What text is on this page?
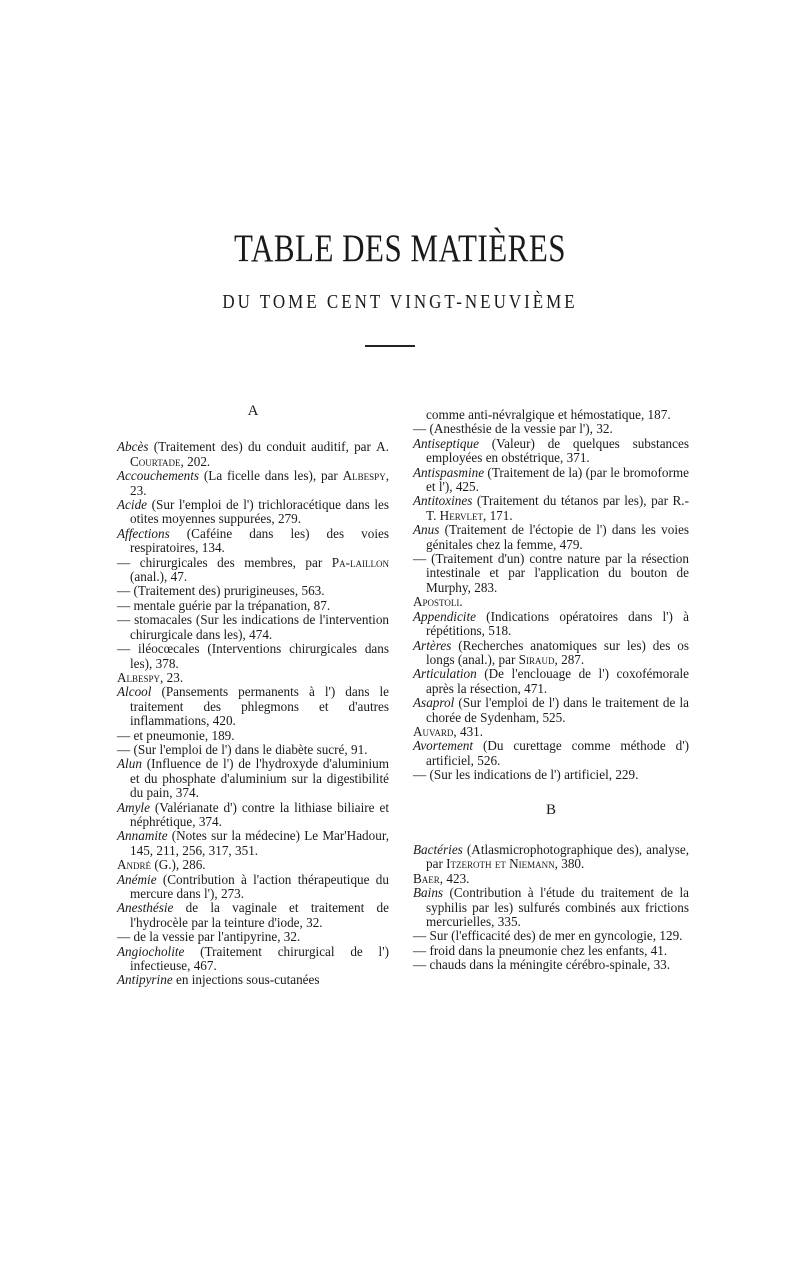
TABLE DES MATIÈRES
DU TOME CENT VINGT-NEUVIÈME

A

Abcès (Traitement des) du conduit auditif, par A. Courtade, 202.

Accouchements (La ficelle dans les), par Albespy, 23.

Acide (Sur l'emploi de l') trichloracétique dans les otites moyennes suppurées, 279.

Affections (Caféine dans les) des voies respiratoires, 134.

— chirurgicales des membres, par Pa-laillon (anal.), 47.

— (Traitement des) prurigineuses, 563.

— mentale guérie par la trépanation, 87.

— stomacales (Sur les indications de l'intervention chirurgicale dans les), 474.

— iléocœcales (Interventions chirurgicales dans les), 378.

Albespy, 23.

Alcool (Pansements permanents à l') dans le traitement des phlegmons et d'autres inflammations, 420.

— et pneumonie, 189.

— (Sur l'emploi de l') dans le diabète sucré, 91.

Alun (Influence de l') de l'hydroxyde d'aluminium et du phosphate d'aluminium sur la digestibilité du pain, 374.

Amyle (Valérianate d') contre la lithiase biliaire et néphrétique, 374.

Annamite (Notes sur la médecine) Le Mar'Hadour, 145, 211, 256, 317, 351.

André (G.), 286.

Anémie (Contribution à l'action thérapeutique du mercure dans l'), 273.

Anesthésie de la vaginale et traitement de l'hydrocèle par la teinture d'iode, 32.

— de la vessie par l'antipyrine, 32.

Angiocholite (Traitement chirurgical de l') infectieuse, 467.

Antipyrine en injections sous-cutanées

comme anti-névralgique et hémostatique, 187.

— (Anesthésie de la vessie par l'), 32.

Antiseptique (Valeur) de quelques substances employées en obstétrique, 371.

Antispasmine (Traitement de la) (par le bromoforme et l'), 425.

Antitoxines (Traitement du tétanos par les), par R.-T. Hervlet, 171.

Anus (Traitement de l'éctopie de l') dans les voies génitales chez la femme, 479.

— (Traitement d'un) contre nature par la résection intestinale et par l'application du bouton de Murphy, 283.

Apostoli.

Appendicite (Indications opératoires dans l') à répétitions, 518.

Artères (Recherches anatomiques sur les) des os longs (anal.), par Siraud, 287.

Articulation (De l'enclouage de l') coxofémorale après la résection, 471.

Asaprol (Sur l'emploi de l') dans le traitement de la chorée de Sydenham, 525.

Auvard, 431.

Avortement (Du curettage comme méthode d') artificiel, 526.

— (Sur les indications de l') artificiel, 229.

B

Bactéries (Atlasmicrophotographique des), analyse, par Itzeroth et Niemann, 380.

Baer, 423.

Bains (Contribution à l'étude du traitement de la syphilis par les) sulfurés combinés aux frictions mercurielles, 335.

— Sur (l'efficacité des) de mer en gyncologie, 129.

— froid dans la pneumonie chez les enfants, 41.

— chauds dans la méningite cérébro-spinale, 33.
